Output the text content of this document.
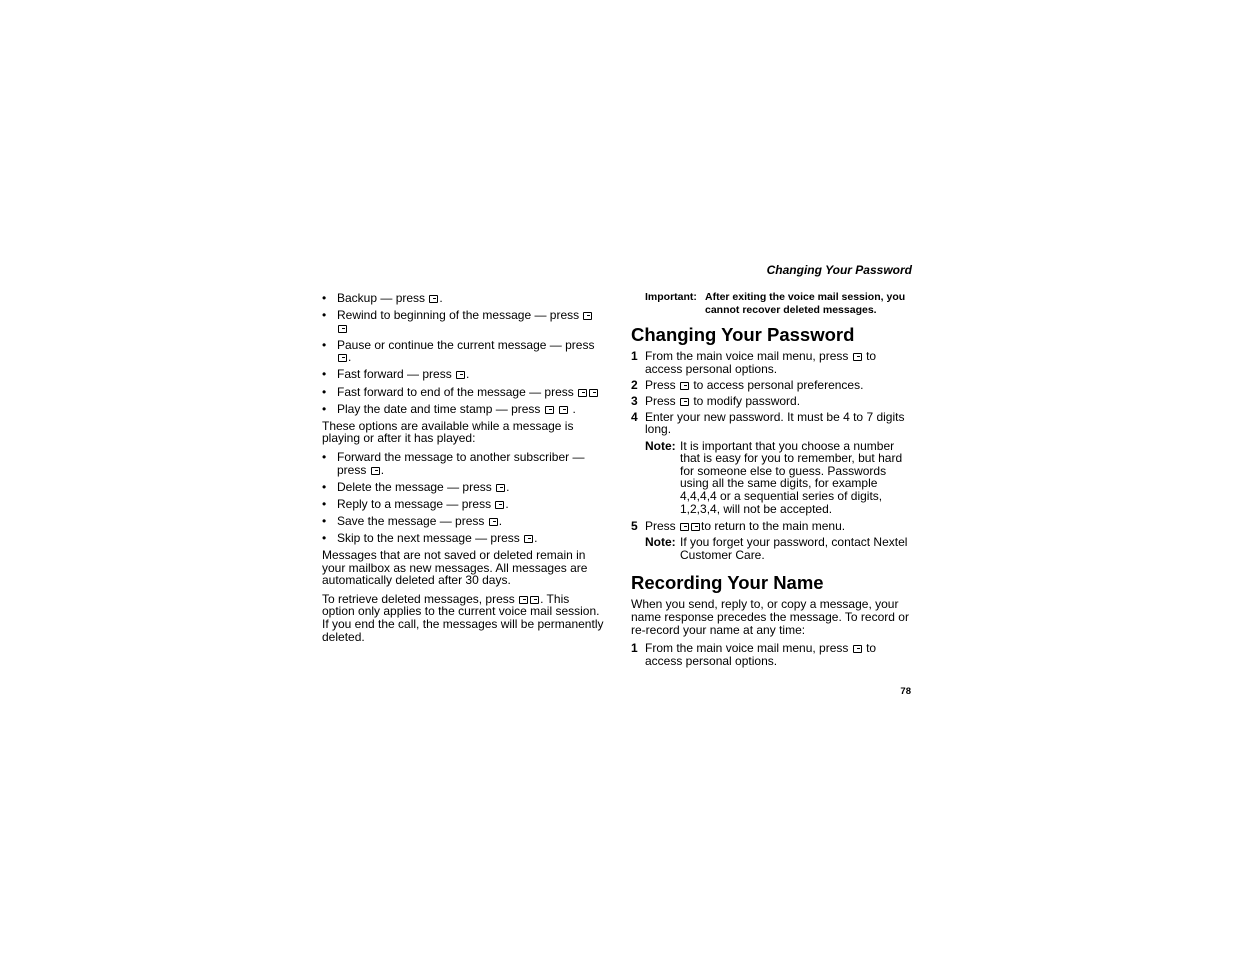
Changing Your Password
• Backup — press .
• Rewind to beginning of the message — press
• Pause or continue the current message — press .
• Fast forward — press .
• Fast forward to end of the message — press
• Play the date and time stamp — press   .

These options are available while a message is playing or after it has played:

• Forward the message to another subscriber — press .
• Delete the message — press .
• Reply to a message — press .
• Save the message — press .
• Skip to the next message — press .

Messages that are not saved or deleted remain in your mailbox as new messages. All messages are automatically deleted after 30 days.

To retrieve deleted messages, press . This option only applies to the current voice mail session. If you end the call, the messages will be permanently deleted.

Important: After exiting the voice mail session, you cannot recover deleted messages.
Changing Your Password
1 From the main voice mail menu, press  to access personal options.
2 Press  to access personal preferences.
3 Press  to modify password.
4 Enter your new password. It must be 4 to 7 digits long.
Note: It is important that you choose a number that is easy for you to remember, but hard for someone else to guess. Passwords using all the same digits, for example 4,4,4,4 or a sequential series of digits, 1,2,3,4, will not be accepted.
5 Press to return to the main menu.
Note: If you forget your password, contact Nextel Customer Care.
Recording Your Name

When you send, reply to, or copy a message, your name response precedes the message. To record or re-record your name at any time:

1 From the main voice mail menu, press  to access personal options.
78
